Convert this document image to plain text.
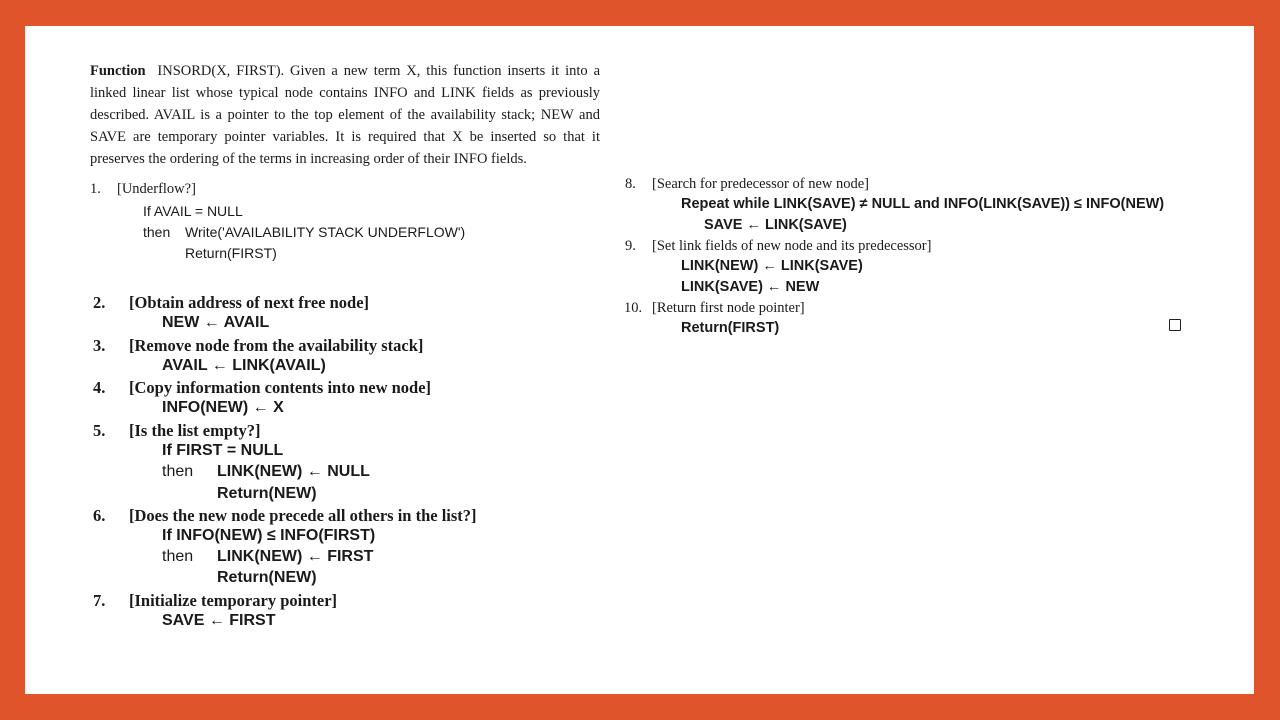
Function INSORD(X, FIRST). Given a new term X, this function inserts it into a linked linear list whose typical node contains INFO and LINK fields as previously described. AVAIL is a pointer to the top element of the availability stack; NEW and SAVE are temporary pointer variables. It is required that X be inserted so that it preserves the ordering of the terms in increasing order of their INFO fields.
1. [Underflow?]
If AVAIL = NULL
then Write('AVAILABILITY STACK UNDERFLOW')
Return(FIRST)
2. [Obtain address of next free node]
NEW ← AVAIL
3. [Remove node from the availability stack]
AVAIL ← LINK(AVAIL)
4. [Copy information contents into new node]
INFO(NEW) ← X
5. [Is the list empty?]
If FIRST = NULL
then LINK(NEW) ← NULL
Return(NEW)
6. [Does the new node precede all others in the list?]
If INFO(NEW) ≤ INFO(FIRST)
then LINK(NEW) ← FIRST
Return(NEW)
7. [Initialize temporary pointer]
SAVE ← FIRST
8. [Search for predecessor of new node]
Repeat while LINK(SAVE) ≠ NULL and INFO(LINK(SAVE)) ≤ INFO(NEW)
SAVE ← LINK(SAVE)
9. [Set link fields of new node and its predecessor]
LINK(NEW) ← LINK(SAVE)
LINK(SAVE) ← NEW
10. [Return first node pointer]
Return(FIRST)
